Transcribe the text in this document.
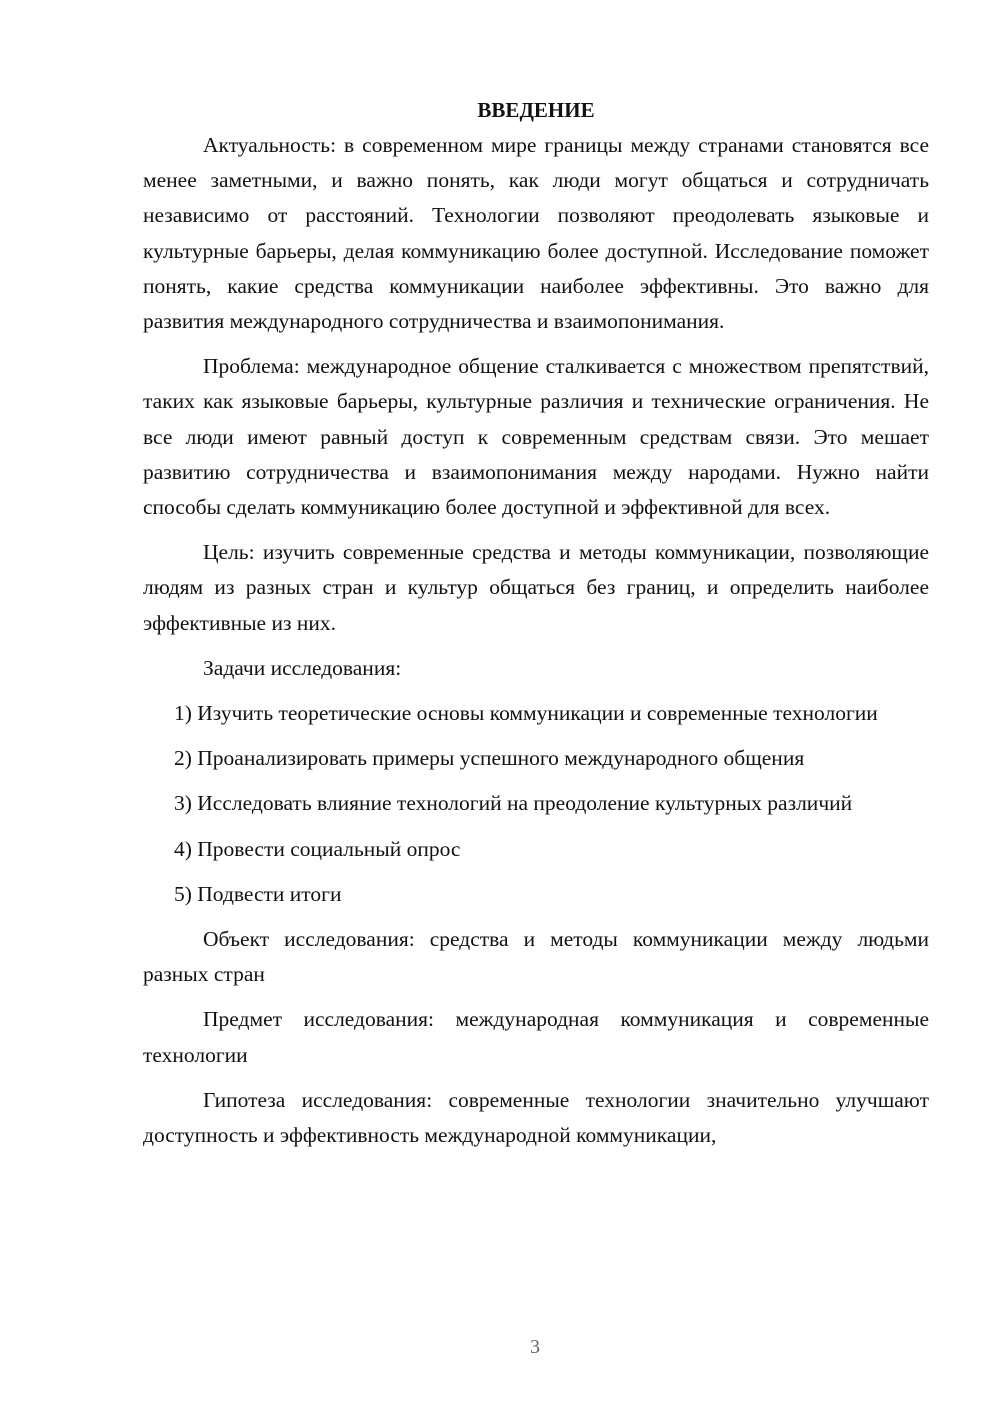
ВВЕДЕНИЕ

Актуальность: в современном мире границы между странами становятся все менее заметными, и важно понять, как люди могут общаться и сотрудничать независимо от расстояний. Технологии позволяют преодолевать языковые и культурные барьеры, делая коммуникацию более доступной. Исследование поможет понять, какие средства коммуникации наиболее эффективны. Это важно для развития международного сотрудничества и взаимопонимания.

Проблема: международное общение сталкивается с множеством препятствий, таких как языковые барьеры, культурные различия и технические ограничения. Не все люди имеют равный доступ к современным средствам связи. Это мешает развитию сотрудничества и взаимопонимания между народами. Нужно найти способы сделать коммуникацию более доступной и эффективной для всех.

Цель: изучить современные средства и методы коммуникации, позволяющие людям из разных стран и культур общаться без границ, и определить наиболее эффективные из них.

Задачи исследования:

1) Изучить теоретические основы коммуникации и современные технологии

2) Проанализировать примеры успешного международного общения

3) Исследовать влияние технологий на преодоление культурных различий

4) Провести социальный опрос

5) Подвести итоги

Объект исследования: средства и методы коммуникации между людьми разных стран

Предмет исследования: международная коммуникация и современные технологии

Гипотеза исследования: современные технологии значительно улучшают доступность и эффективность международной коммуникации,

3
